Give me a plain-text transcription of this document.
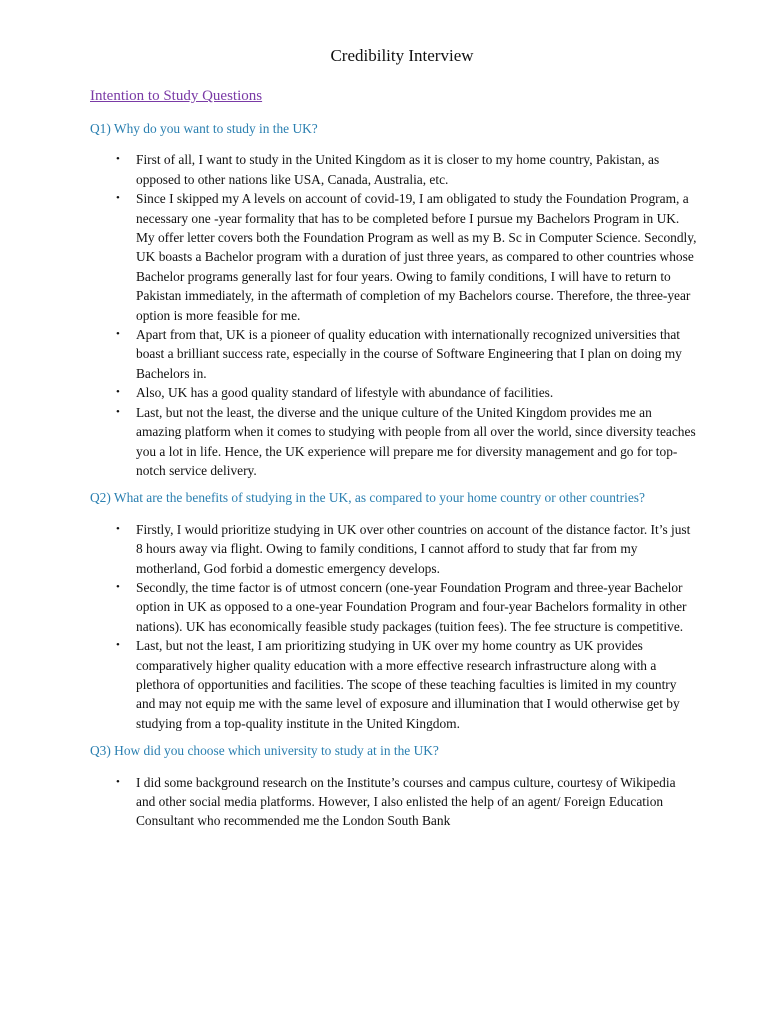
Credibility Interview
Intention to Study Questions
Q1) Why do you want to study in the UK?
• First of all, I want to study in the United Kingdom as it is closer to my home country, Pakistan, as opposed to other nations like USA, Canada, Australia, etc.
• Since I skipped my A levels on account of covid-19, I am obligated to study the Foundation Program, a necessary one -year formality that has to be completed before I pursue my Bachelors Program in UK. My offer letter covers both the Foundation Program as well as my B. Sc in Computer Science. Secondly, UK boasts a Bachelor program with a duration of just three years, as compared to other countries whose Bachelor programs generally last for four years. Owing to family conditions, I will have to return to Pakistan immediately, in the aftermath of completion of my Bachelors course. Therefore, the three-year option is more feasible for me.
• Apart from that, UK is a pioneer of quality education with internationally recognized universities that boast a brilliant success rate, especially in the course of Software Engineering that I plan on doing my Bachelors in.
• Also, UK has a good quality standard of lifestyle with abundance of facilities.
• Last, but not the least, the diverse and the unique culture of the United Kingdom provides me an amazing platform when it comes to studying with people from all over the world, since diversity teaches you a lot in life. Hence, the UK experience will prepare me for diversity management and go for top-notch service delivery.
Q2) What are the benefits of studying in the UK, as compared to your home country or other countries?
• Firstly, I would prioritize studying in UK over other countries on account of the distance factor. It’s just 8 hours away via flight. Owing to family conditions, I cannot afford to study that far from my motherland, God forbid a domestic emergency develops.
• Secondly, the time factor is of utmost concern (one-year Foundation Program and three-year Bachelor option in UK as opposed to a one-year Foundation Program and four-year Bachelors formality in other nations). UK has economically feasible study packages (tuition fees). The fee structure is competitive.
• Last, but not the least, I am prioritizing studying in UK over my home country as UK provides comparatively higher quality education with a more effective research infrastructure along with a plethora of opportunities and facilities. The scope of these teaching faculties is limited in my country and may not equip me with the same level of exposure and illumination that I would otherwise get by studying from a top-quality institute in the United Kingdom.
Q3) How did you choose which university to study at in the UK?
• I did some background research on the Institute’s courses and campus culture, courtesy of Wikipedia and other social media platforms. However, I also enlisted the help of an agent/ Foreign Education Consultant who recommended me the London South Bank
